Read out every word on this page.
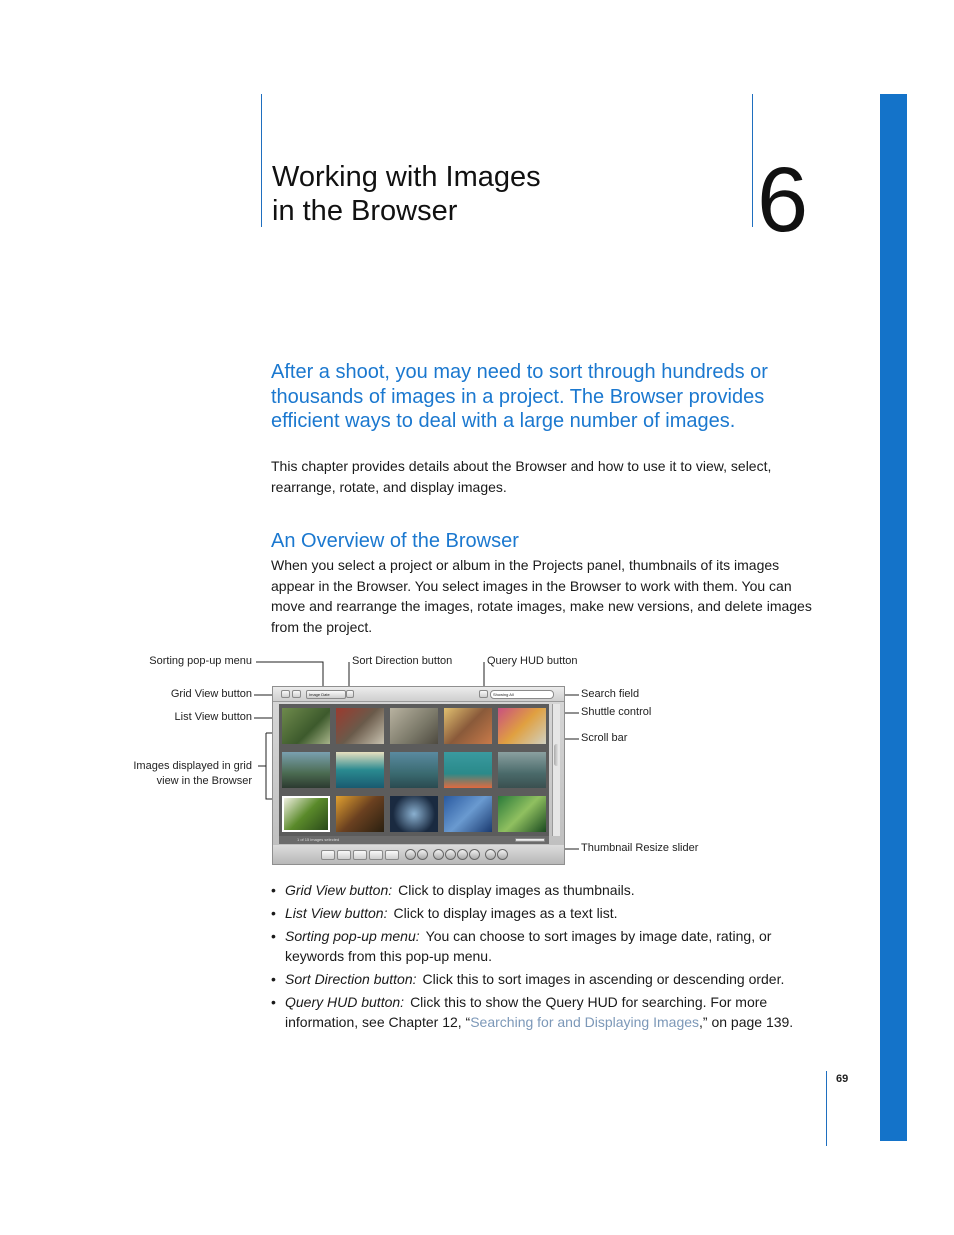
Working with Images
in the Browser	6
After a shoot, you may need to sort through hundreds or thousands of images in a project. The Browser provides efficient ways to deal with a large number of images.
This chapter provides details about the Browser and how to use it to view, select, rearrange, rotate, and display images.
An Overview of the Browser
When you select a project or album in the Projects panel, thumbnails of its images appear in the Browser. You select images in the Browser to work with them. You can move and rearrange the images, rotate images, make new versions, and delete images from the project.
Sorting pop-up menu	Sort Direction button	Query HUD button
Grid View button
List View button
Images displayed in grid
view in the Browser
Search field
Shuttle control
Scroll bar
Thumbnail Resize slider
Image Date	Showing All
1 of 15 images selected
• Grid View button: Click to display images as thumbnails.
• List View button: Click to display images as a text list.
• Sorting pop-up menu: You can choose to sort images by image date, rating, or keywords from this pop-up menu.
• Sort Direction button: Click this to sort images in ascending or descending order.
• Query HUD button: Click this to show the Query HUD for searching. For more information, see Chapter 12, “Searching for and Displaying Images,” on page 139.
69
